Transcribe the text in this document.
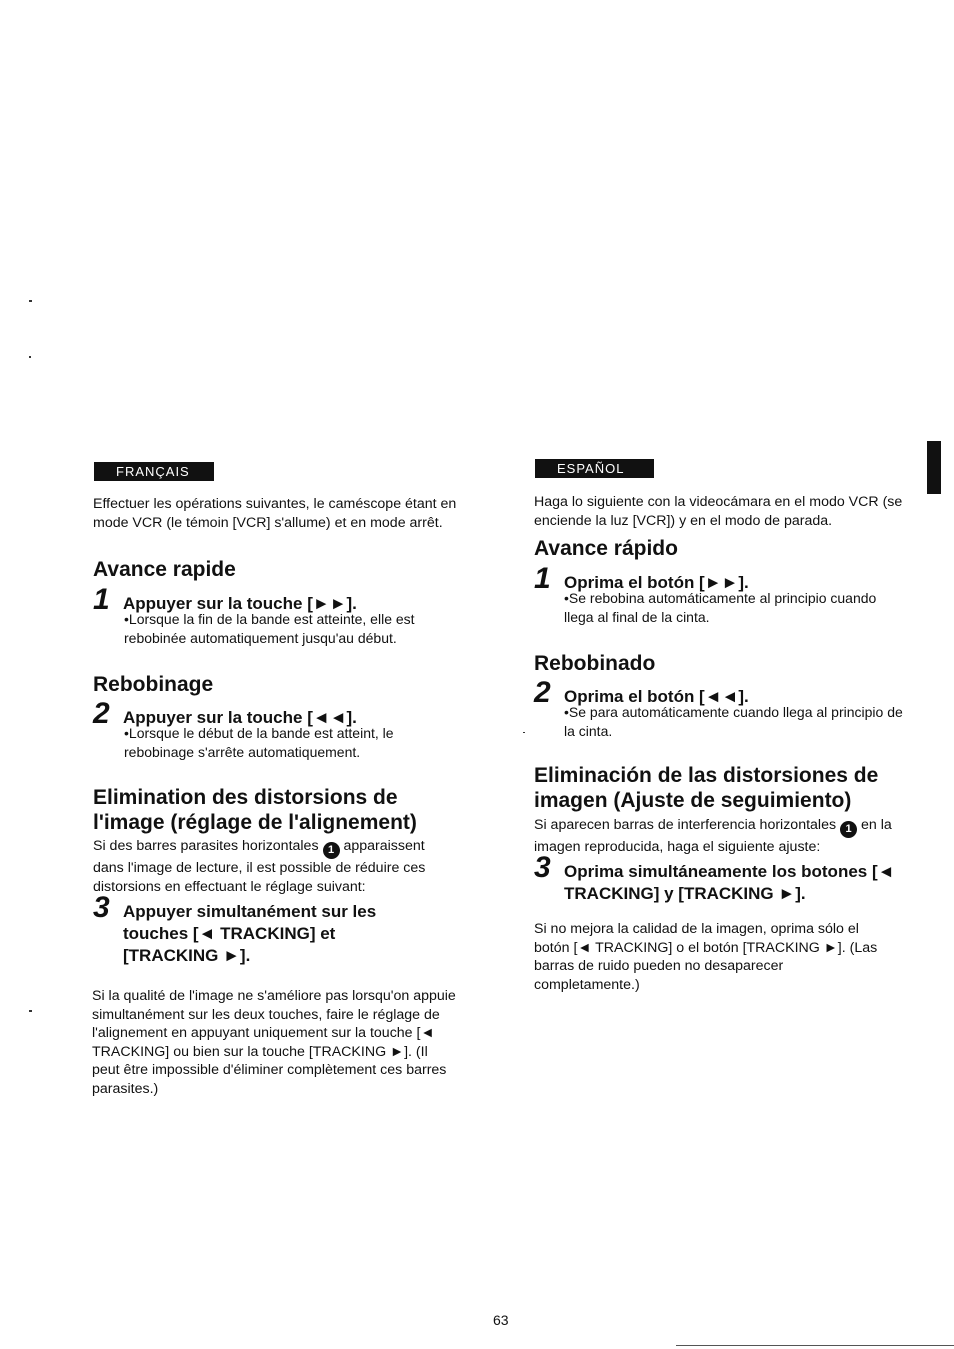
FRANÇAIS
Effectuer les opérations suivantes, le caméscope étant en mode VCR (le témoin [VCR] s'allume) et en mode arrêt.
Avance rapide
1 Appuyer sur la touche [►►].
•Lorsque la fin de la bande est atteinte, elle est rebobinée automatiquement jusqu'au début.
Rebobinage
2 Appuyer sur la touche [◄◄].
•Lorsque le début de la bande est atteint, le rebobinage s'arrête automatiquement.
Elimination des distorsions de l'image (réglage de l'alignement)
Si des barres parasites horizontales 1 apparaissent dans l'image de lecture, il est possible de réduire ces distorsions en effectuant le réglage suivant:
3 Appuyer simultanément sur les touches [◄ TRACKING] et [TRACKING ►].
Si la qualité de l'image ne s'améliore pas lorsqu'on appuie simultanément sur les deux touches, faire le réglage de l'alignement en appuyant uniquement sur la touche [◄ TRACKING] ou bien sur la touche [TRACKING ►]. (Il peut être impossible d'éliminer complètement ces barres parasites.)
ESPAÑOL
Haga lo siguiente con la videocámara en el modo VCR (se enciende la luz [VCR]) y en el modo de parada.
Avance rápido
1 Oprima el botón [►►].
•Se rebobina automáticamente al principio cuando llega al final de la cinta.
Rebobinado
2 Oprima el botón [◄◄].
•Se para automáticamente cuando llega al principio de la cinta.
Eliminación de las distorsiones de imagen (Ajuste de seguimiento)
Si aparecen barras de interferencia horizontales 1 en la imagen reproducida, haga el siguiente ajuste:
3 Oprima simultáneamente los botones [◄ TRACKING] y [TRACKING ►].
Si no mejora la calidad de la imagen, oprima sólo el botón [◄ TRACKING] o el botón [TRACKING ►]. (Las barras de ruido pueden no desaparecer completamente.)
63
